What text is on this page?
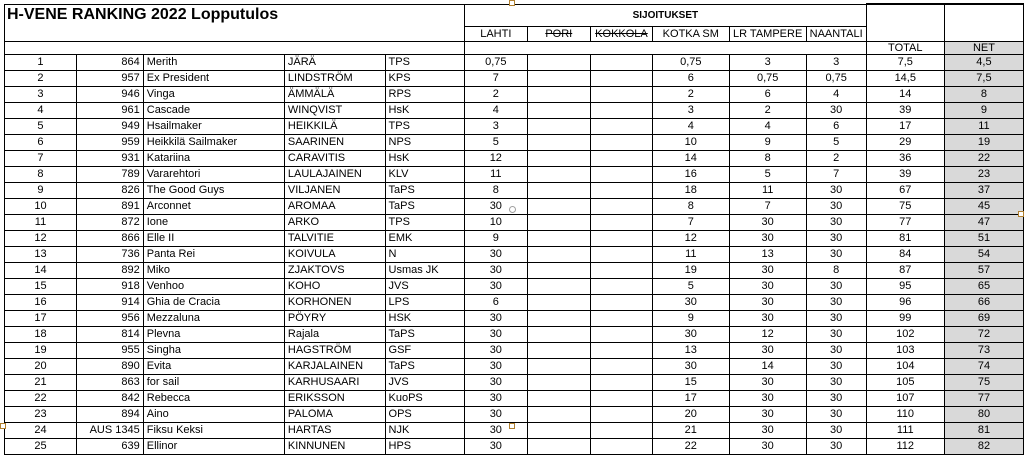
H-VENE RANKING 2022 Lopputulos					SIJOITUKSET							
					LAHTI	PORI	KOKKOLA	KOTKA SM	LR TAMPERE	NAANTALI		
											TOTAL	NET
1	864	Merith	JÄRÄ	TPS	0,75			0,75	3	3	7,5	4,5
2	957	Ex President	LINDSTRÖM	KPS	7			6	0,75	0,75	14,5	7,5
3	946	Vinga	ÄMMÄLÄ	RPS	2			2	6	4	14	8
4	961	Cascade	WINQVIST	HsK	4			3	2	30	39	9
5	949	Hsailmaker	HEIKKILÄ	TPS	3			4	4	6	17	11
6	959	Heikkilä Sailmaker	SAARINEN	NPS	5			10	9	5	29	19
7	931	Katariina	CARAVITIS	HsK	12			14	8	2	36	22
8	789	Vararehtori	LAULAJAINEN	KLV	11			16	5	7	39	23
9	826	The Good Guys	VILJANEN	TaPS	8			18	11	30	67	37
10	891	Arconnet	AROMAA	TaPS	30			8	7	30	75	45
11	872	Ione	ARKO	TPS	10			7	30	30	77	47
12	866	Elle II	TALVITIE	EMK	9			12	30	30	81	51
13	736	Panta Rei	KOIVULA	N	30			11	13	30	84	54
14	892	Miko	ZJAKTOVS	Usmas JK	30			19	30	8	87	57
15	918	Venhoo	KOHO	JVS	30			5	30	30	95	65
16	914	Ghia de Cracia	KORHONEN	LPS	6			30	30	30	96	66
17	956	Mezzaluna	PÖYRY	HSK	30			9	30	30	99	69
18	814	Plevna	Rajala	TaPS	30			30	12	30	102	72
19	955	Singha	HAGSTRÖM	GSF	30			13	30	30	103	73
20	890	Evita	KARJALAINEN	TaPS	30			30	14	30	104	74
21	863	for sail	KARHUSAARI	JVS	30			15	30	30	105	75
22	842	Rebecca	ERIKSSON	KuoPS	30			17	30	30	107	77
23	894	Aino	PALOMA	OPS	30			20	30	30	110	80
24	AUS 1345	Fiksu Keksi	HARTAS	NJK	30			21	30	30	111	81
25	639	Ellinor	KINNUNEN	HPS	30			22	30	30	112	82
